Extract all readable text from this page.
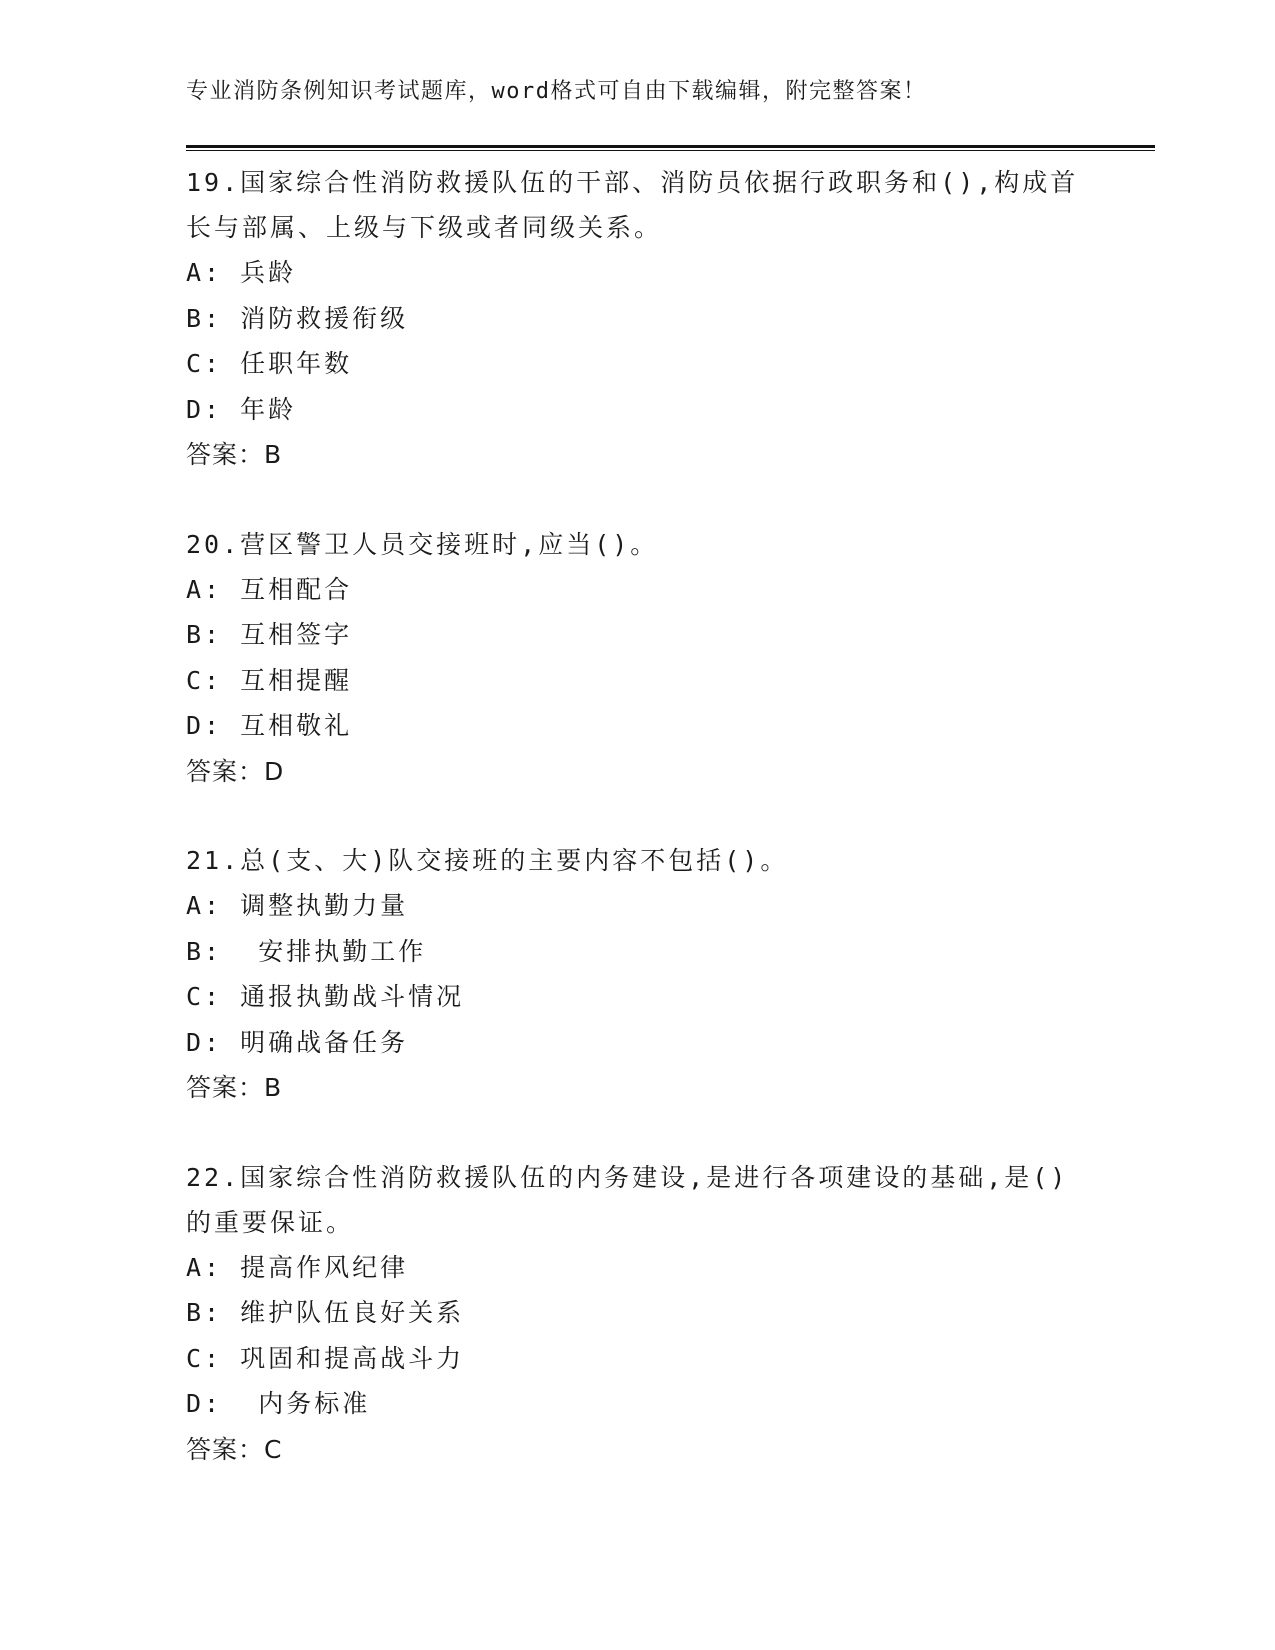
专业消防条例知识考试题库，word格式可自由下载编辑，附完整答案！

19.国家综合性消防救援队伍的干部、消防员依据行政职务和(),构成首长与部属、上级与下级或者同级关系。

A: 兵龄
B: 消防救援衔级
C: 任职年数
D: 年龄
答案：B

20.营区警卫人员交接班时,应当()。

A: 互相配合
B: 互相签字
C: 互相提醒
D: 互相敬礼
答案：D

21.总(支、大)队交接班的主要内容不包括()。

A: 调整执勤力量
B:  安排执勤工作
C: 通报执勤战斗情况
D: 明确战备任务
答案：B

22.国家综合性消防救援队伍的内务建设,是进行各项建设的基础,是()的重要保证。

A: 提高作风纪律
B: 维护队伍良好关系
C: 巩固和提高战斗力
D:  内务标准
答案：C
